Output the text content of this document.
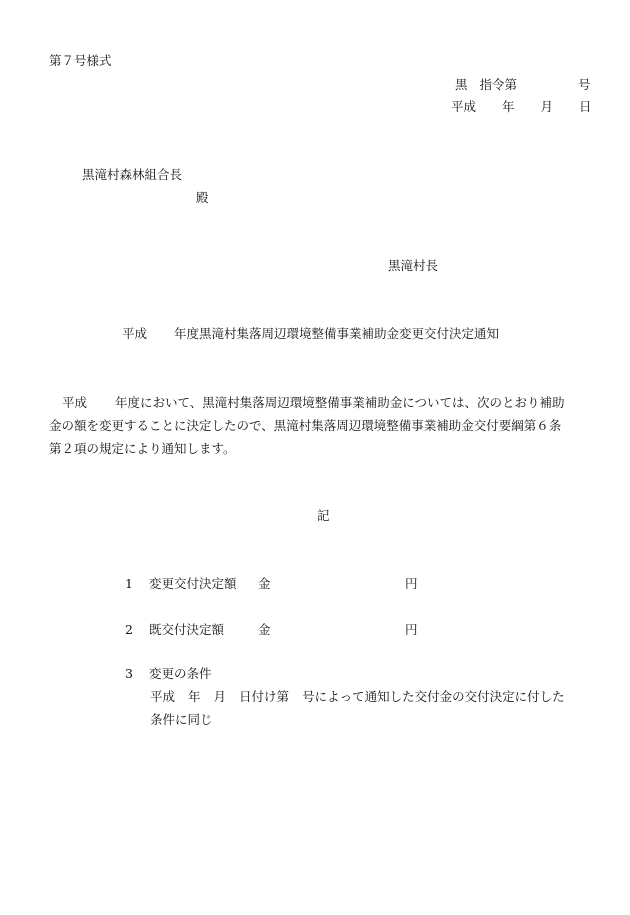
第７号様式
黒 指令第	号
平成 年 月 日
黒滝村森林組合長
殿
黒滝村長
平成 年度黒滝村集落周辺環境整備事業補助金変更交付決定通知

平成 年度において、黒滝村集落周辺環境整備事業補助金については、次のとおり補助

金の額を変更することに決定したので、黒滝村集落周辺環境整備事業補助金交付要綱第６条

第２項の規定により通知します。

記
1 変更交付決定額 金	円
2 既交付決定額	金	円
3 変更の条件
平成 年 月 日付け第 号によって通知した交付金の交付決定に付した
条件に同じ
